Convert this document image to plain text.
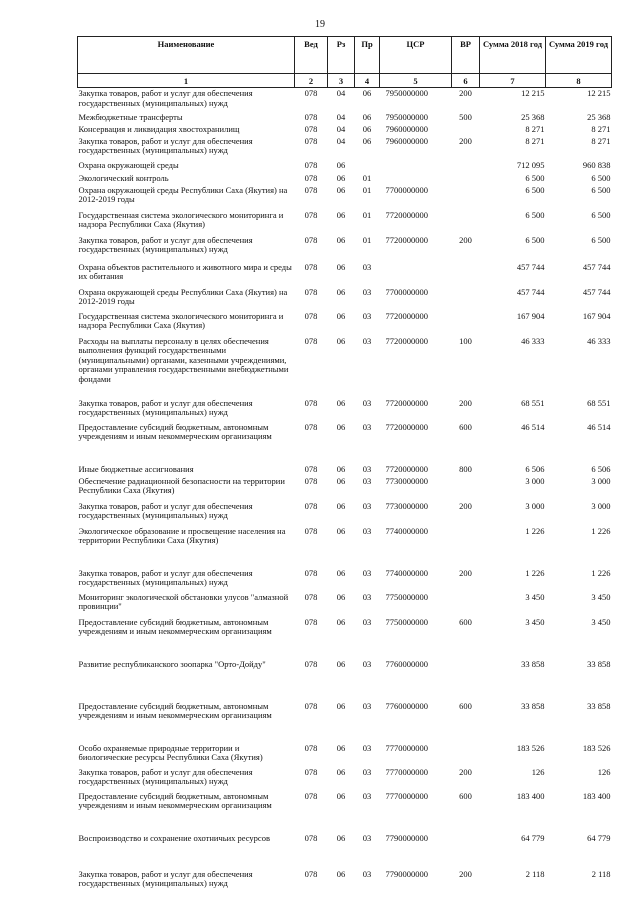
19
Наименование	Вед	Рз	Пр	ЦСР	ВР	Сумма 2018 год	Сумма 2019 год
1	2	3	4	5	6	7	8
Закупка товаров, работ и услуг для обеспечения государственных (муниципальных) нужд	078	04	06	7950000000	200	12 215	12 215
Межбюджетные трансферты	078	04	06	7950000000	500	25 368	25 368
Консервация и ликвидация хвостохранилищ	078	04	06	7960000000		8 271	8 271
Закупка товаров, работ и услуг для обеспечения государственных (муниципальных) нужд	078	04	06	7960000000	200	8 271	8 271
Охрана окружающей среды	078	06				712 095	960 838
Экологический контроль	078	06	01			6 500	6 500
Охрана окружающей среды Республики Саха (Якутия) на 2012-2019 годы	078	06	01	7700000000		6 500	6 500
Государственная система экологического мониторинга и надзора Республики Саха (Якутия)	078	06	01	7720000000		6 500	6 500
Закупка товаров, работ и услуг для обеспечения государственных (муниципальных) нужд	078	06	01	7720000000	200	6 500	6 500
Охрана объектов растительного и животного мира и среды их обитания	078	06	03			457 744	457 744
Охрана окружающей среды Республики Саха (Якутия) на 2012-2019 годы	078	06	03	7700000000		457 744	457 744
Государственная система экологического мониторинга и надзора Республики Саха (Якутия)	078	06	03	7720000000		167 904	167 904
Расходы на выплаты персоналу в целях обеспечения выполнения функций государственными (муниципальными) органами, казенными учреждениями, органами управления государственными внебюджетными фондами	078	06	03	7720000000	100	46 333	46 333
Закупка товаров, работ и услуг для обеспечения государственных (муниципальных) нужд	078	06	03	7720000000	200	68 551	68 551
Предоставление субсидий бюджетным, автономным учреждениям и иным некоммерческим организациям	078	06	03	7720000000	600	46 514	46 514
Иные бюджетные ассигнования	078	06	03	7720000000	800	6 506	6 506
Обеспечение радиационной безопасности на территории Республики Саха (Якутия)	078	06	03	7730000000		3 000	3 000
Закупка товаров, работ и услуг для обеспечения государственных (муниципальных) нужд	078	06	03	7730000000	200	3 000	3 000
Экологическое образование и просвещение населения на территории Республики Саха (Якутия)	078	06	03	7740000000		1 226	1 226
Закупка товаров, работ и услуг для обеспечения государственных (муниципальных) нужд	078	06	03	7740000000	200	1 226	1 226
Мониторинг экологической обстановки улусов "алмазной провинции"	078	06	03	7750000000		3 450	3 450
Предоставление субсидий бюджетным, автономным учреждениям и иным некоммерческим организациям	078	06	03	7750000000	600	3 450	3 450
Развитие республиканского зоопарка "Орто-Дойду"	078	06	03	7760000000		33 858	33 858
Предоставление субсидий бюджетным, автономным учреждениям и иным некоммерческим организациям	078	06	03	7760000000	600	33 858	33 858
Особо охраняемые природные территории и биологические ресурсы Республики Саха (Якутия)	078	06	03	7770000000		183 526	183 526
Закупка товаров, работ и услуг для обеспечения государственных (муниципальных) нужд	078	06	03	7770000000	200	126	126
Предоставление субсидий бюджетным, автономным учреждениям и иным некоммерческим организациям	078	06	03	7770000000	600	183 400	183 400
Воспроизводство и сохранение охотничьих ресурсов	078	06	03	7790000000		64 779	64 779
Закупка товаров, работ и услуг для обеспечения государственных (муниципальных) нужд	078	06	03	7790000000	200	2 118	2 118
